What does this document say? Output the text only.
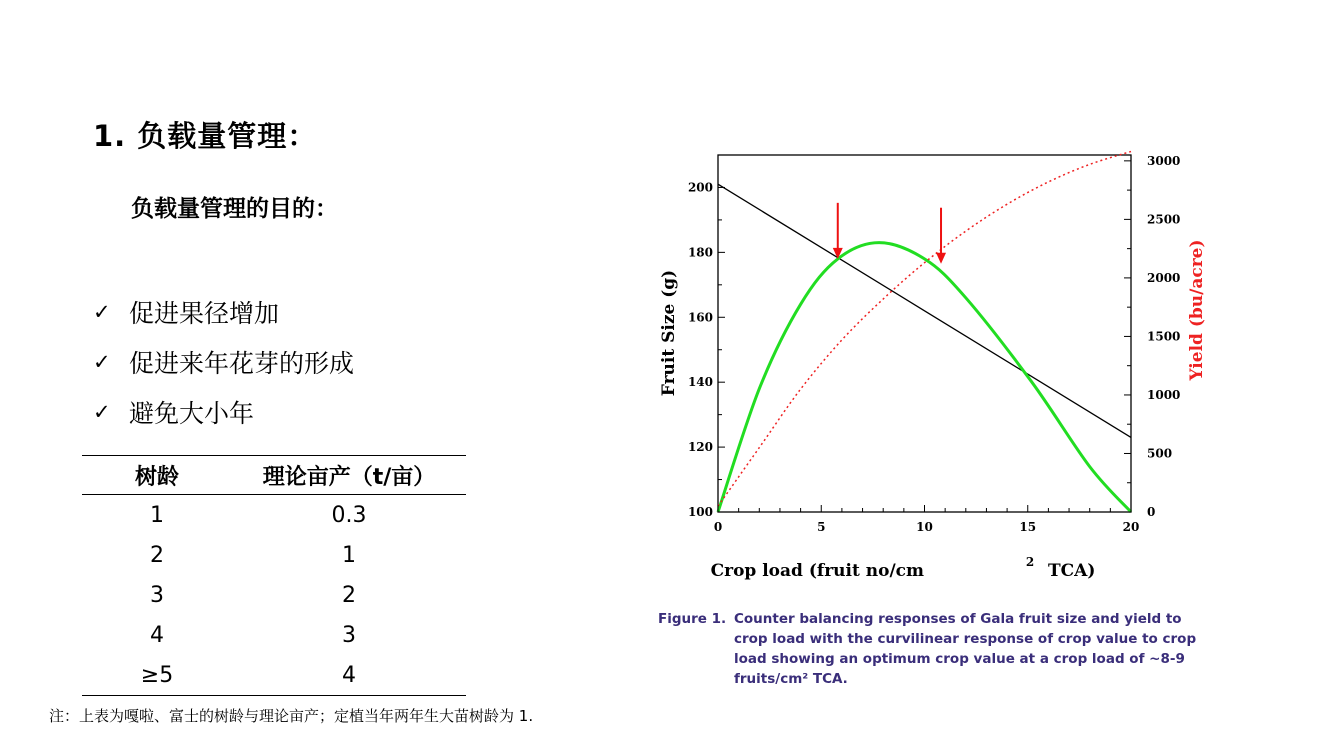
1. 负载量管理：
负载量管理的目的：
✓ 促进果径增加
✓ 促进来年花芽的形成
✓ 避免大小年
树龄	理论亩产（t/亩）
1	0.3
2	1
3	2
4	3
≥5	4
注：上表为嘎啦、富士的树龄与理论亩产；定植当年两年生大苗树龄为 1.
0	5	10	15	20
100
120
140
160
180
200
0
500
1000
1500
2000
2500
3000
Crop load (fruit no/cm	2 TCA)
Fruit Size (g)	Yield (bu/acre)
Figure 1. Counter balancing responses of Gala fruit size and yield to crop load with the curvilinear response of crop value to crop load showing an optimum crop value at a crop load of ~8-9 fruits/cm² TCA.
